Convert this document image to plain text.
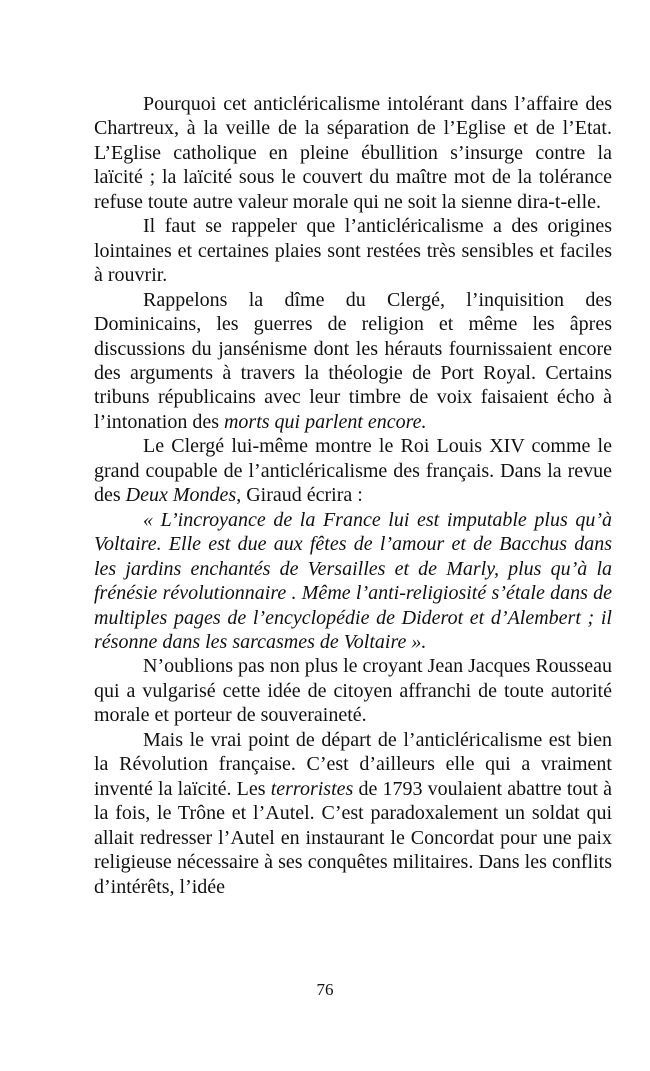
Pourquoi cet anticléricalisme intolérant dans l’affaire des Chartreux, à la veille de la séparation de l’Eglise et de l’Etat. L’Eglise catholique en pleine ébullition s’insurge contre la laïcité ; la laïcité sous le couvert du maître mot de la tolérance refuse toute autre valeur morale qui ne soit la sienne dira-t-elle.

Il faut se rappeler que l’anticléricalisme a des origines lointaines et certaines plaies sont restées très sensibles et faciles à rouvrir.

Rappelons la dîme du Clergé, l’inquisition des Dominicains, les guerres de religion et même les âpres discussions du jansénisme dont les hérauts fournissaient encore des arguments à travers la théologie de Port Royal. Certains tribuns républicains avec leur timbre de voix faisaient écho à l’intonation des morts qui parlent encore.

Le Clergé lui-même montre le Roi Louis XIV comme le grand coupable de l’anticléricalisme des français. Dans la revue des Deux Mondes, Giraud écrira :

« L’incroyance de la France lui est imputable plus qu’à Voltaire. Elle est due aux fêtes de l’amour et de Bacchus dans les jardins enchantés de Versailles et de Marly, plus qu’à la frénésie révolutionnaire . Même l’anti-religiosité s’étale dans de multiples pages de l’encyclopédie de Diderot et d’Alembert ; il résonne dans les sarcasmes de Voltaire ».

N’oublions pas non plus le croyant Jean Jacques Rousseau qui a vulgarisé cette idée de citoyen affranchi de toute autorité morale et porteur de souveraineté.

Mais le vrai point de départ de l’anticléricalisme est bien la Révolution française. C’est d’ailleurs elle qui a vraiment inventé la laïcité. Les terroristes de 1793 voulaient abattre tout à la fois, le Trône et l’Autel. C’est paradoxalement un soldat qui allait redresser l’Autel en instaurant le Concordat pour une paix religieuse nécessaire à ses conquêtes militaires. Dans les conflits d’intérêts, l’idée

76
